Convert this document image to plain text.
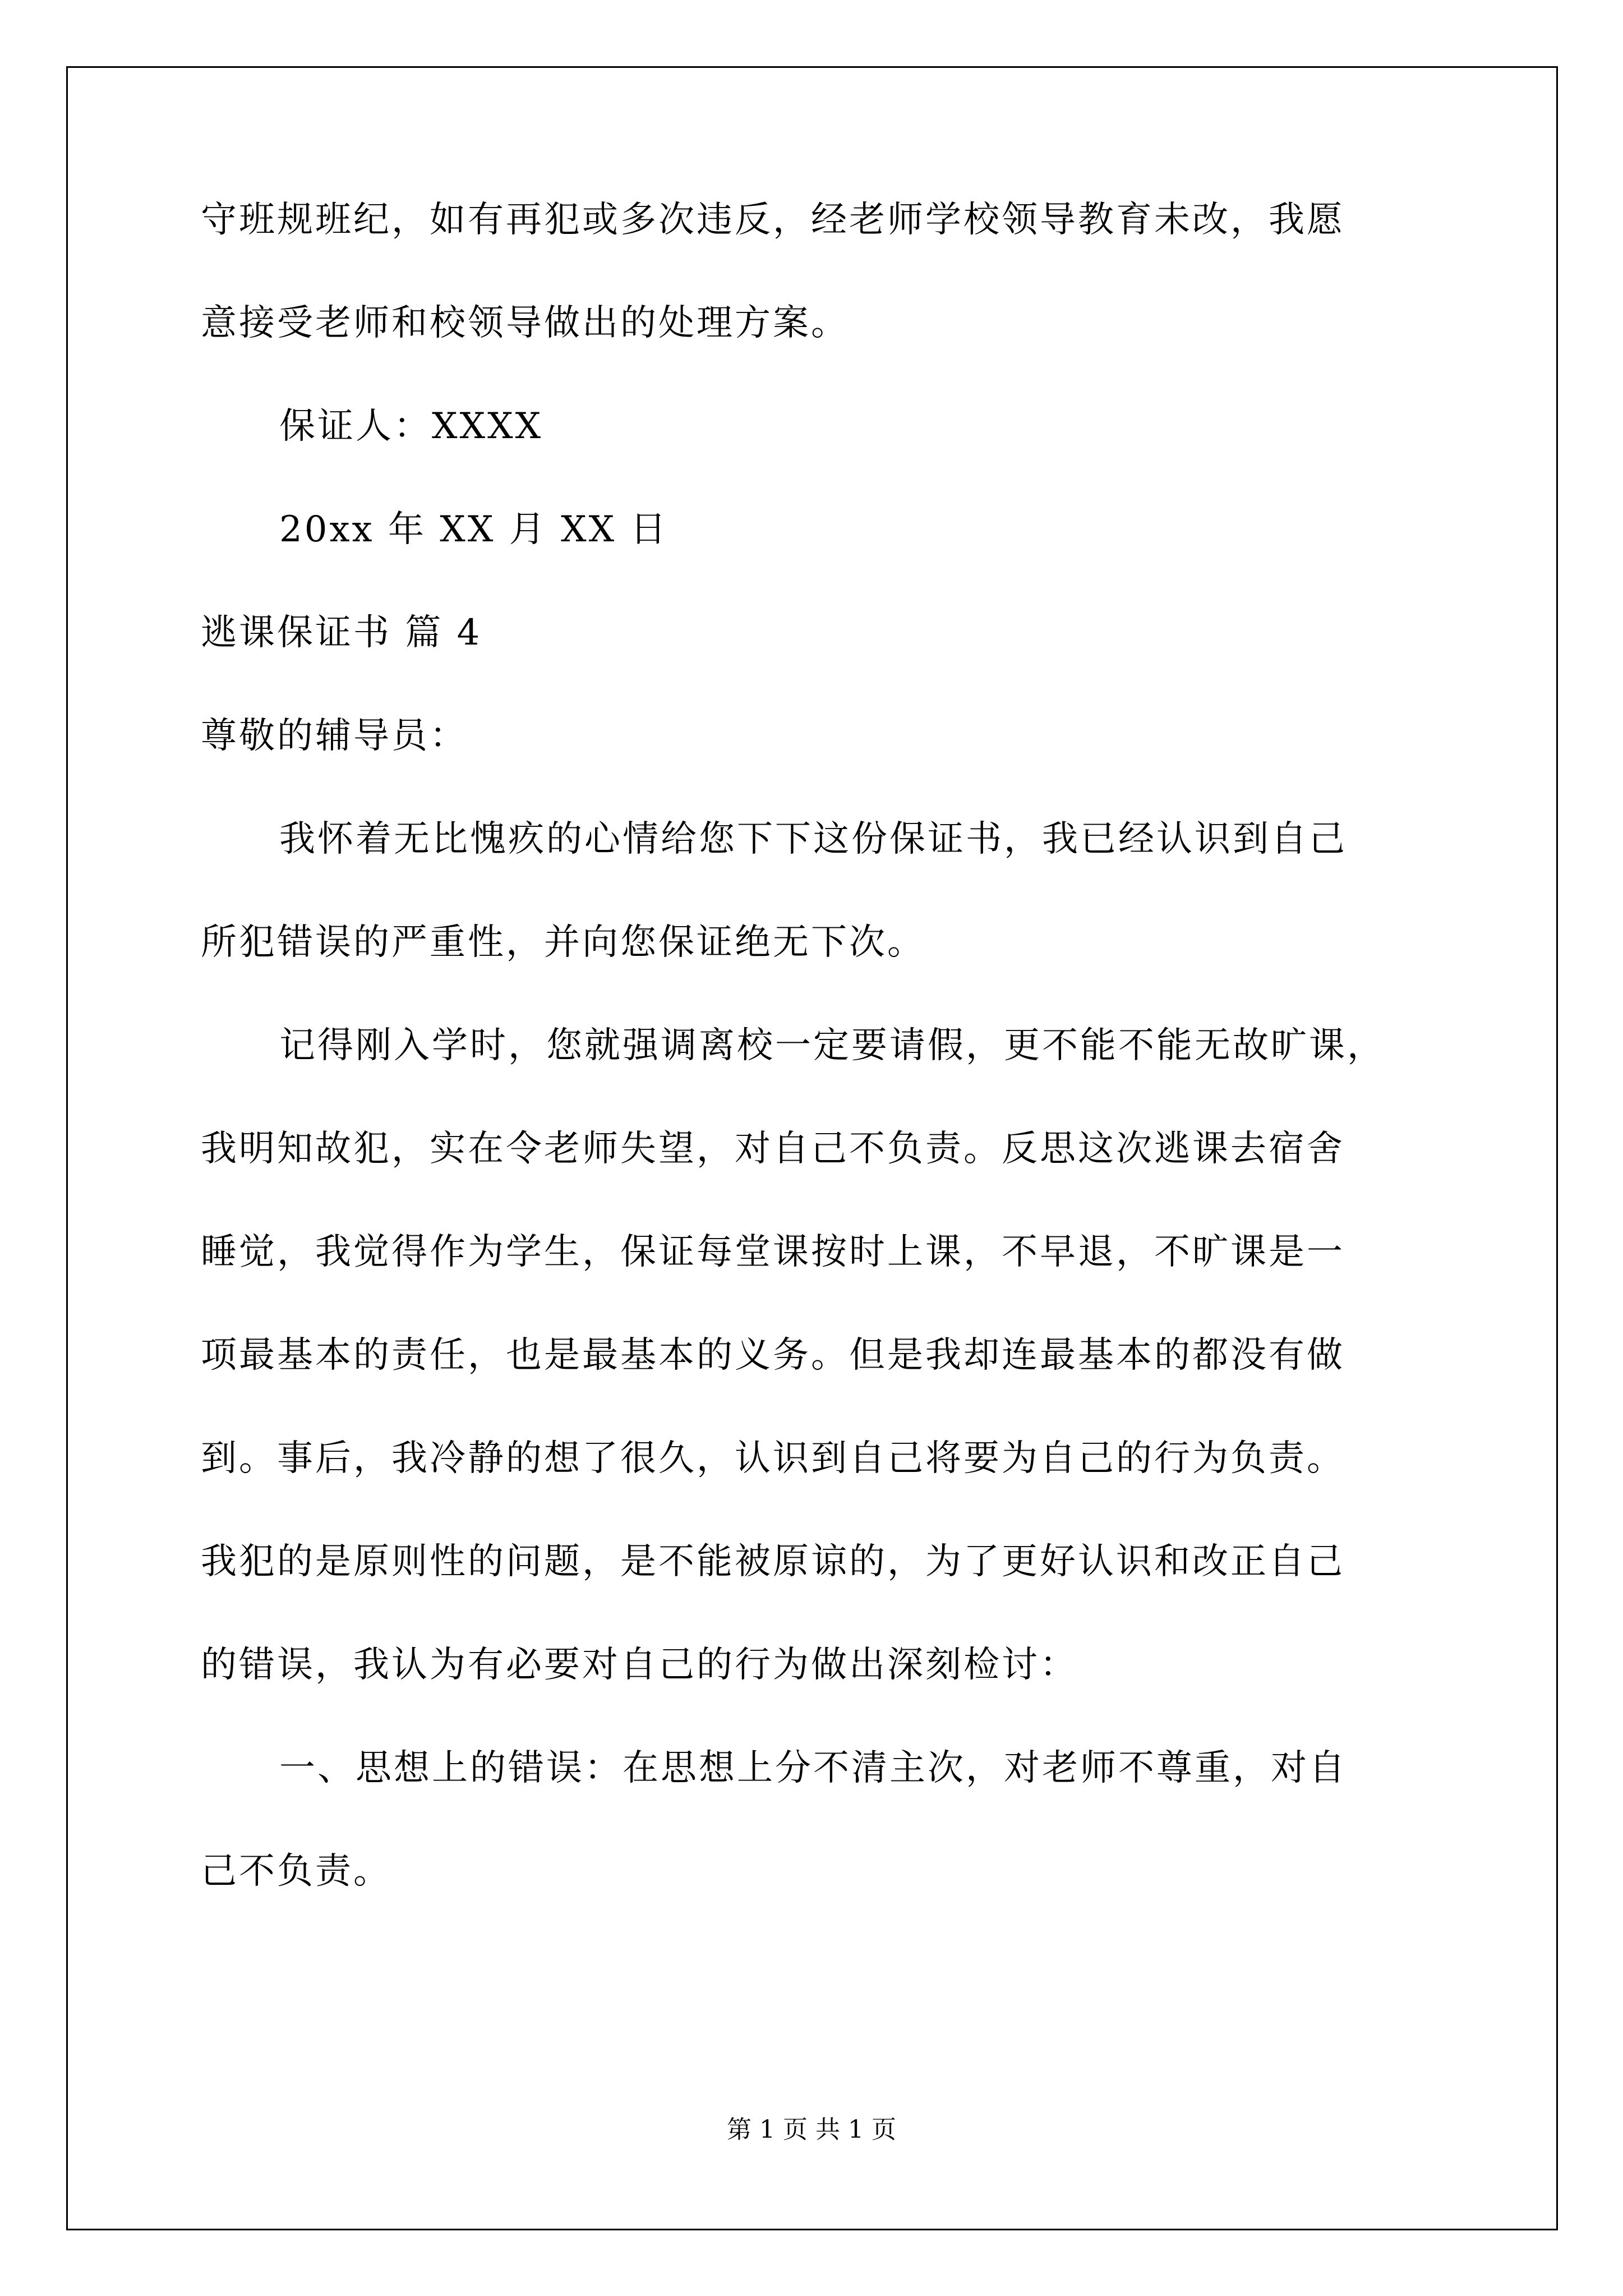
守班规班纪，如有再犯或多次违反，经老师学校领导教育未改，我愿
意接受老师和校领导做出的处理方案。
保证人：XXXX
20xx 年 XX 月 XX 日
逃课保证书 篇 4
尊敬的辅导员：
我怀着无比愧疚的心情给您下下这份保证书，我已经认识到自己
所犯错误的严重性，并向您保证绝无下次。
记得刚入学时，您就强调离校一定要请假，更不能不能无故旷课，
我明知故犯，实在令老师失望，对自己不负责。反思这次逃课去宿舍
睡觉，我觉得作为学生，保证每堂课按时上课，不早退，不旷课是一
项最基本的责任，也是最基本的义务。但是我却连最基本的都没有做
到。事后，我冷静的想了很久，认识到自己将要为自己的行为负责。
我犯的是原则性的问题，是不能被原谅的，为了更好认识和改正自己
的错误，我认为有必要对自己的行为做出深刻检讨：
一、思想上的错误：在思想上分不清主次，对老师不尊重，对自
己不负责。
第 1 页 共 1 页
